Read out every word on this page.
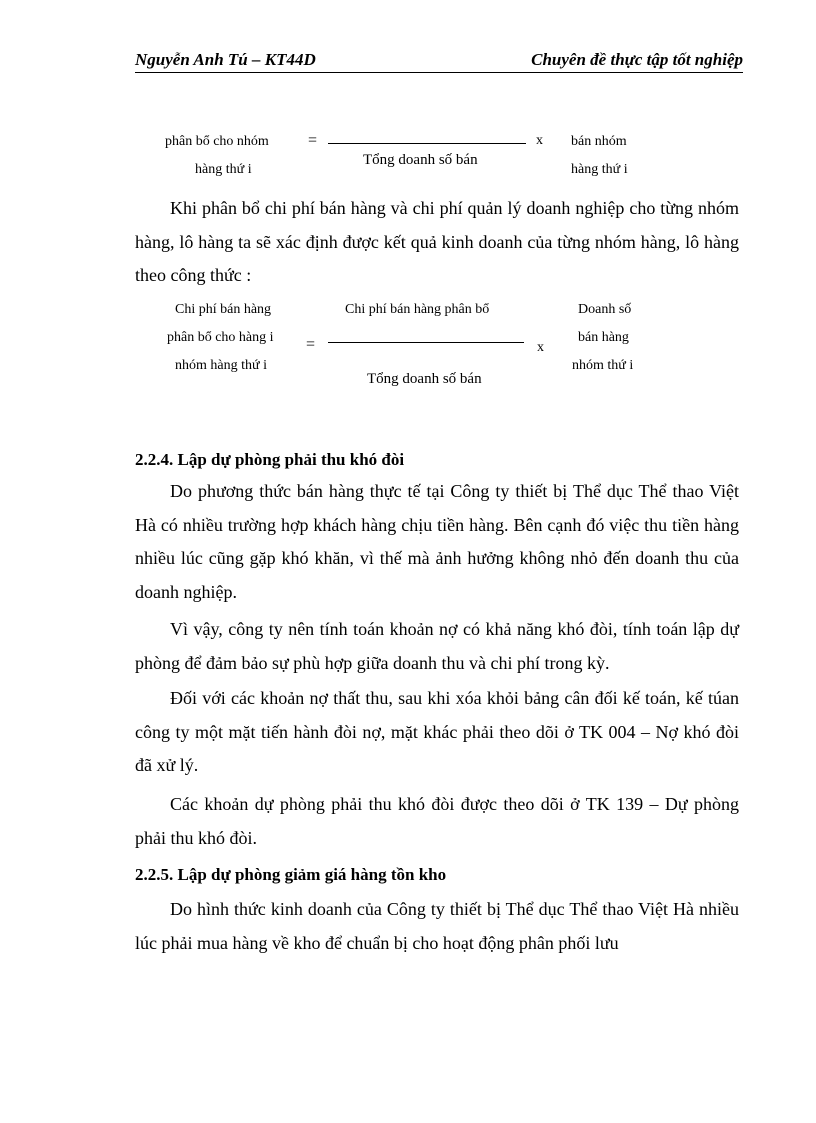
Nguyễn Anh Tú – KT44D	Chuyên đề thực tập tốt nghiệp
phân bổ cho nhóm
hàng thứ i
=
Tổng doanh số bán
x bán nhóm
hàng thứ i

Khi phân bổ chi phí bán hàng và chi phí quản lý doanh nghiệp cho từng nhóm hàng, lô hàng ta sẽ xác định được kết quả kinh doanh của từng nhóm hàng, lô hàng theo công thức :

Chi phí bán hàng
phân bổ cho hàng i
nhóm hàng thứ i
=
Chi phí bán hàng phân bổ
Tổng doanh số bán
x
Doanh số
bán hàng
nhóm thứ i
2.2.4. Lập dự phòng phải thu khó đòi

Do phương thức bán hàng thực tế tại Công ty thiết bị Thể dục Thể thao Việt Hà có nhiều trường hợp khách hàng chịu tiền hàng. Bên cạnh đó việc thu tiền hàng nhiều lúc cũng gặp khó khăn, vì thế mà ảnh hưởng không nhỏ đến doanh thu của doanh nghiệp.

Vì vậy, công ty nên tính toán khoản nợ có khả năng khó đòi, tính toán lập dự phòng để đảm bảo sự phù hợp giữa doanh thu và chi phí trong kỳ.

Đối với các khoản nợ thất thu, sau khi xóa khỏi bảng cân đối kế toán, kế túan công ty một mặt tiến hành đòi nợ, mặt khác phải theo dõi ở TK 004 – Nợ khó đòi đã xử lý.

Các khoản dự phòng phải thu khó đòi được theo dõi ở TK 139 – Dự phòng phải thu khó đòi.

2.2.5. Lập dự phòng giảm giá hàng tồn kho

Do hình thức kinh doanh của Công ty thiết bị Thể dục Thể thao Việt Hà nhiều lúc phải mua hàng về kho để chuẩn bị cho hoạt động phân phối lưu
